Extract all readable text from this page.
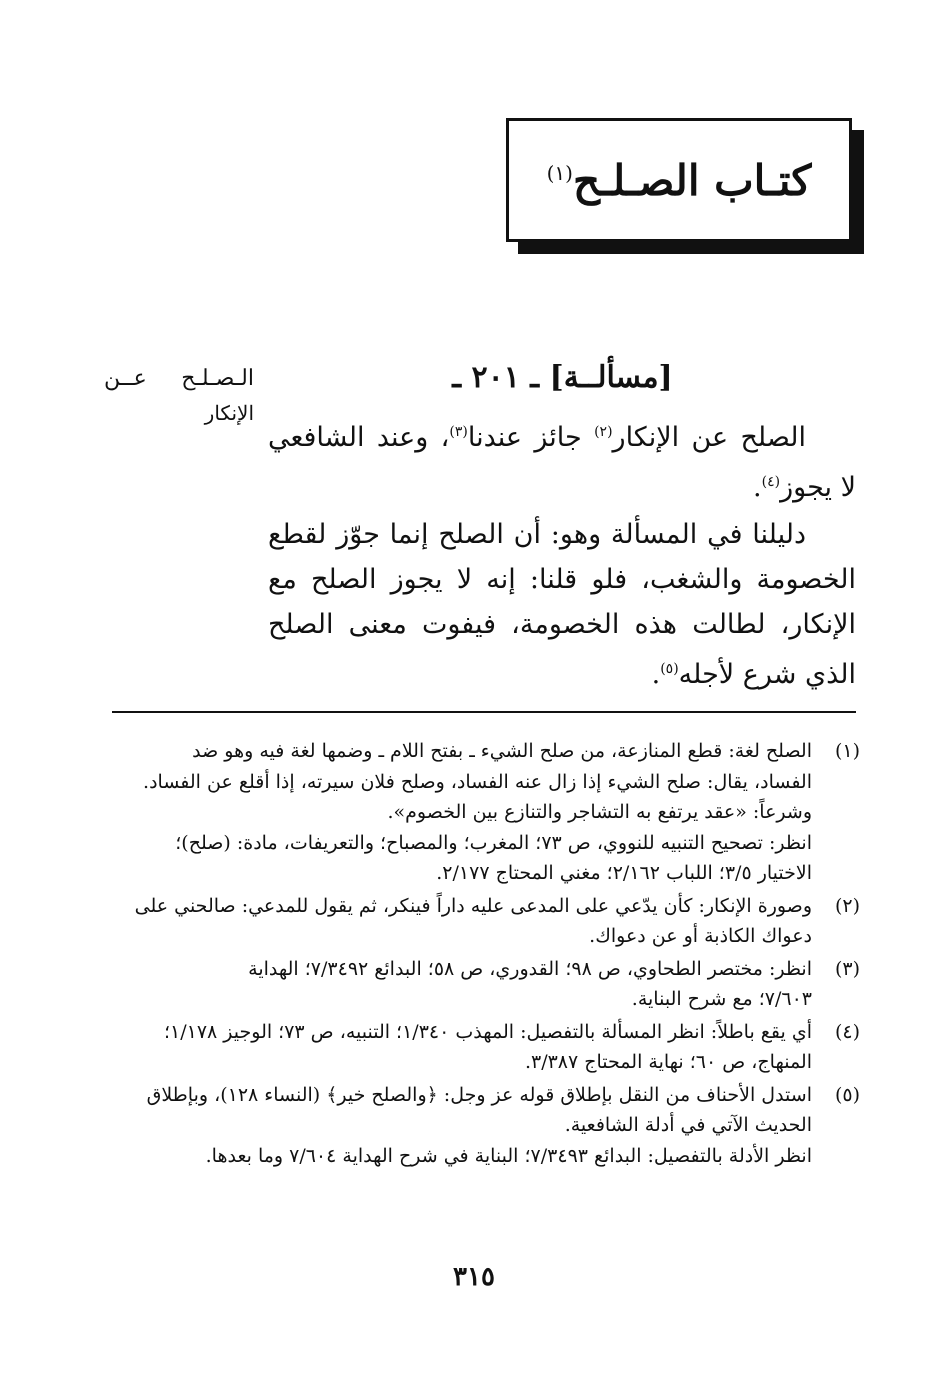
كتـاب الصـلـح$^{(١)}$
الـصـلـح عــن
الإنكار
[مسألــة] ـ ٢٠١ ـ
الصلح عن الإنكار$^{(٢)}$ جائز عندنا$^{(٣)}$، وعند الشافعي لا يجوز$^{(٤)}$.
دليلنا في المسألة وهو: أن الصلح إنما جوّز لقطع الخصومة والشغب، فلو قلنا: إنه لا يجوز الصلح مع الإنكار، لطالت هذه الخصومة، فيفوت معنى الصلح الذي شرع لأجله$^{(٥)}$.
(١)
الصلح لغة: قطع المنازعة، من صلح الشيء ـ بفتح اللام ـ وضمها لغة فيه وهو ضد
الفساد، يقال: صلح الشيء إذا زال عنه الفساد، وصلح فلان سيرته، إذا أقلع عن الفساد.
وشرعاً: «عقد يرتفع به التشاجر والتنازع بين الخصوم».
انظر: تصحيح التنبيه للنووي، ص ٧٣؛ المغرب؛ والمصباح؛ والتعريفات، مادة: (صلح)؛
الاختيار ٣/٥؛ اللباب ٢/١٦٢؛ مغني المحتاج ٢/١٧٧.
(٢)
وصورة الإنكار: كأن يدّعي على المدعى عليه داراً فينكر، ثم يقول للمدعي: صالحني على
دعواك الكاذبة أو عن دعواك.
(٣)
انظر: مختصر الطحاوي، ص ٩٨؛ القدوري، ص ٥٨؛ البدائع ٧/٣٤٩٢؛ الهداية
٧/٦٠٣؛ مع شرح البناية.
(٤)
أي يقع باطلاً: انظر المسألة بالتفصيل: المهذب ١/٣٤٠؛ التنبيه، ص ٧٣؛ الوجيز ١/١٧٨؛
المنهاج، ص ٦٠؛ نهاية المحتاج ٣/٣٨٧.
(٥)
استدل الأحناف من النقل بإطلاق قوله عز وجل: ﴿والصلح خير﴾ (النساء ١٢٨)، وبإطلاق
الحديث الآتي في أدلة الشافعية.
انظر الأدلة بالتفصيل: البدائع ٧/٣٤٩٣؛ البناية في شرح الهداية ٧/٦٠٤ وما بعدها.
٣١٥
